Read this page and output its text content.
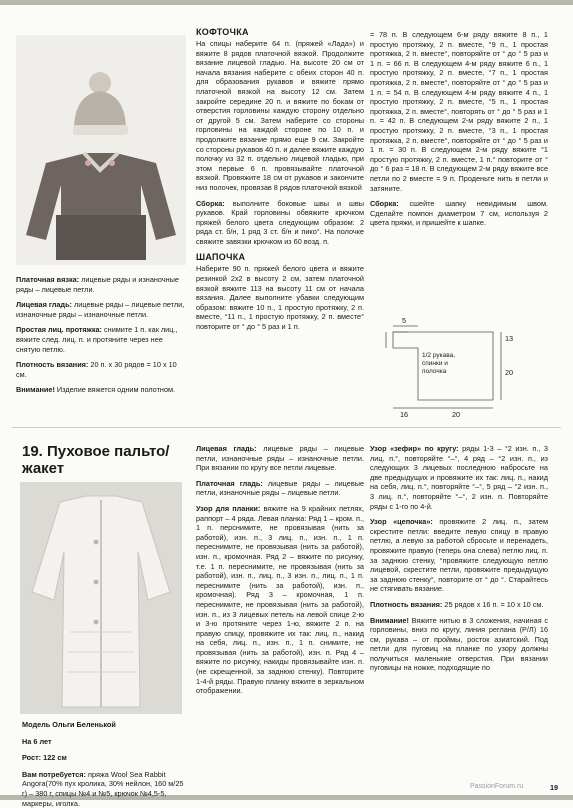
Платочная вязка: лицевые ряды и изнаночные ряды – лицевые петли.

Лицевая гладь: лицевые ряды – лицевые петли, изнаночные ряды – изнаночные петли.

Простая лиц. протяжка: снимите 1 п. как лиц., вяжите след. лиц. п. и протяните через нее снятую петлю.

Плотность вязания: 20 п. х 30 рядов = 10 х 10 см.

Внимание! Изделие вяжется одним полотном.

КОФТОЧКА

На спицы наберите 64 п. (пряжей «Лада») и вяжите 8 рядов платочной вязкой. Продолжите вязание лицевой гладью. На высоте 20 см от начала вязания наберите с обеих сторон 40 п. для образования рукавов и вяжите прямо платочной вязкой на высоту 12 см. Затем закройте середине 20 п. и вяжите по бокам от отверстия горловины каждую сторону отдельно от другой 5 см. Затем наберите со стороны горловины на каждой стороне по 10 п. и продолжите вязание прямо еще 9 см. Закройте со стороны рукавов 40 п. и далее вяжите каждую полочку из 32 п. отдельно лицевой гладью, при этом первые 6 п. провязывайте платочной вязкой. Провяжите 18 см от рукавов и закончите низ полочек, провязав 8 рядов платочной вязкой

Сборка: выполните боковые швы и швы рукавов. Край горловины обвяжите крючком пряжей белого цвета следующим образом: 2 ряда ст. б/н, 1 ряд 3 ст. б/н и пико°. На полочке свяжите завязки крючком из 60 возд. п.

ШАПОЧКА

Наберите 90 п. пряжей белого цвета и вяжите резинкой 2х2 в высоту 2 см, затем платочной вязкой вяжите 113 на высоту 11 см от начала вязания. Далее выполните убавки следующим образом: вяжите 10 п., 1 простую протяжку, 2 п. вместе, °11 п., 1 простую протяжку, 2 п. вместе° повторите от ° до ° 5 раз и 1 п.

= 78 п. В следующем 6-м ряду вяжите 8 п., 1 простую протяжку, 2 п. вместе, °9 п., 1 простая протяжка, 2 п. вместе°, повторяйте от ° до ° 5 раз и 1 п. = 66 п. В следующем 4-м ряду вяжите 6 п., 1 простую протяжку, 2 п. вместе, °7 п., 1 простая протяжка, 2 п. вместе°, повторяйте от ° до ° 5 раз и 1 п. = 54 п. В следующем 4-м ряду вяжите 4 п., 1 простую протяжку, 2 п. вместе, °5 п., 1 простая протяжка, 2 п. вместе°, повторять от ° до ° 5 раз и 1 п. = 42 п. В следующем 2-м ряду вяжите 2 п., 1 простую протяжку, 2 п. вместе, °3 п., 1 простая протяжка, 2 п. вместе°, повторяйте от ° до ° 5 раз и 1 п. = 30 п. В следующем 2-м ряду вяжите °1 простую протяжку, 2 п. вместе, 1 п.° повторите от ° до ° 6 раз = 18 п. В следующем 2-м ряду вяжите все петли по 2 вместе = 9 п. Проденьте нить в петли и затяните.

Сборка: сшейте шапку невидимым швом. Сделайте помпон диаметром 7 см, используя 2 цвета пряжи, и пришейте к шапке.

5
13
20
16	20
1/2 рукава, спинки и полочка
19. Пуховое пальто/ жакет

Модель Ольги Беленькой

На 6 лет

Рост: 122 см

Вам потребуется: пряжа Wool Sea Rabbit Angora(70% пух кролика, 30% нейлон, 160 м/25 г) – 380 г, спицы №4 и №5, крючок №4,5-5, маркеры, иголка.

Лицевая гладь: лицевые ряды – лицевые петли, изнаночные ряды – изнаночные петли. При вязании по кругу все петли лицевые.

Платочная гладь: лицевые ряды – лицевые петли, изнаночные ряды – лицевые петли.

Узор для планки: вяжите на 9 крайних петлях, раппорт – 4 ряда. Левая планка: Ряд 1 – кром. п., 1 п. перснимите, не провязывая (нить за работой), изн. п., 3 лиц. п., изн. п., 1 п. переснимите, не провязывая (нить за работой), изн. п., кромочная. Ряд 2 – вяжите по рисунку, т.е. 1 п. переснимите, не провязывая (нить за работой), изн. п., лиц. п., 3 изн. п., лиц. п., 1 п. переснимите (нить за работой), изн. п., кромочная). Ряд 3 – кромочная, 1 п. переснимите, не провязывая (нить за работой), изн. п., из 3 лицевых петель на левой спице 2-ю и 3-ю протяните через 1-ю, вяжите 2 п. на правую спицу, провяжите их так: лиц. п., накид на себя, лиц. п., изн. п., 1 п. снимите, не провязывая (нить за работой), изн. п. Ряд 4 – вяжите по рисунку, накиды провязывайте изн. п. (не скрещенной, за заднюю стенку). Повторите 1-4-й ряды. Правую планку вяжите в зеркальном отображении.

Узор «зефир» по кругу: ряды 1-3 – °2 изн. п., 3 лиц. п.°, повторяйте °–°, 4 ряд – °2 изн. п., из следующих 3 лицевых последнюю набросьте на две предыдущих и провяжите их так: лиц. п., накид на себя, лиц. п.°, повторяйте °–°, 5 ряд – °2 изн. п., 3 лиц. п.°, повторяйте °–°, 2 изн. п. Повторяйте ряды с 1-го по 4-й.

Узор «цепочка»: провяжите 2 лиц. п., затем скрестите петли: введите левую спицу в правую петлю, а левую за работой сбросьте и перенадеть, провяжите правую (теперь она слева) петлю лиц. п. за заднюю стенку, °провяжите следующую петлю лицевой, скрестите петли, провяжите предыдущую за заднюю стенку°, повторите от ° до °. Старайтесь не стягивать вязание.

Плотность вязания: 25 рядов х 16 п. = 10 х 10 см.

Внимание! Вяжите нитью в 3 сложения, начиная с горловины, вниз по кругу, линия реглана (Р/Л) 16 см, рукава – от проймы, росток азиатский. Под петли для пуговиц на планке по узору должны получиться маленькие отверстия. При вязании пуговицы на ножке, подходящие по

PassionForum.ru	19
